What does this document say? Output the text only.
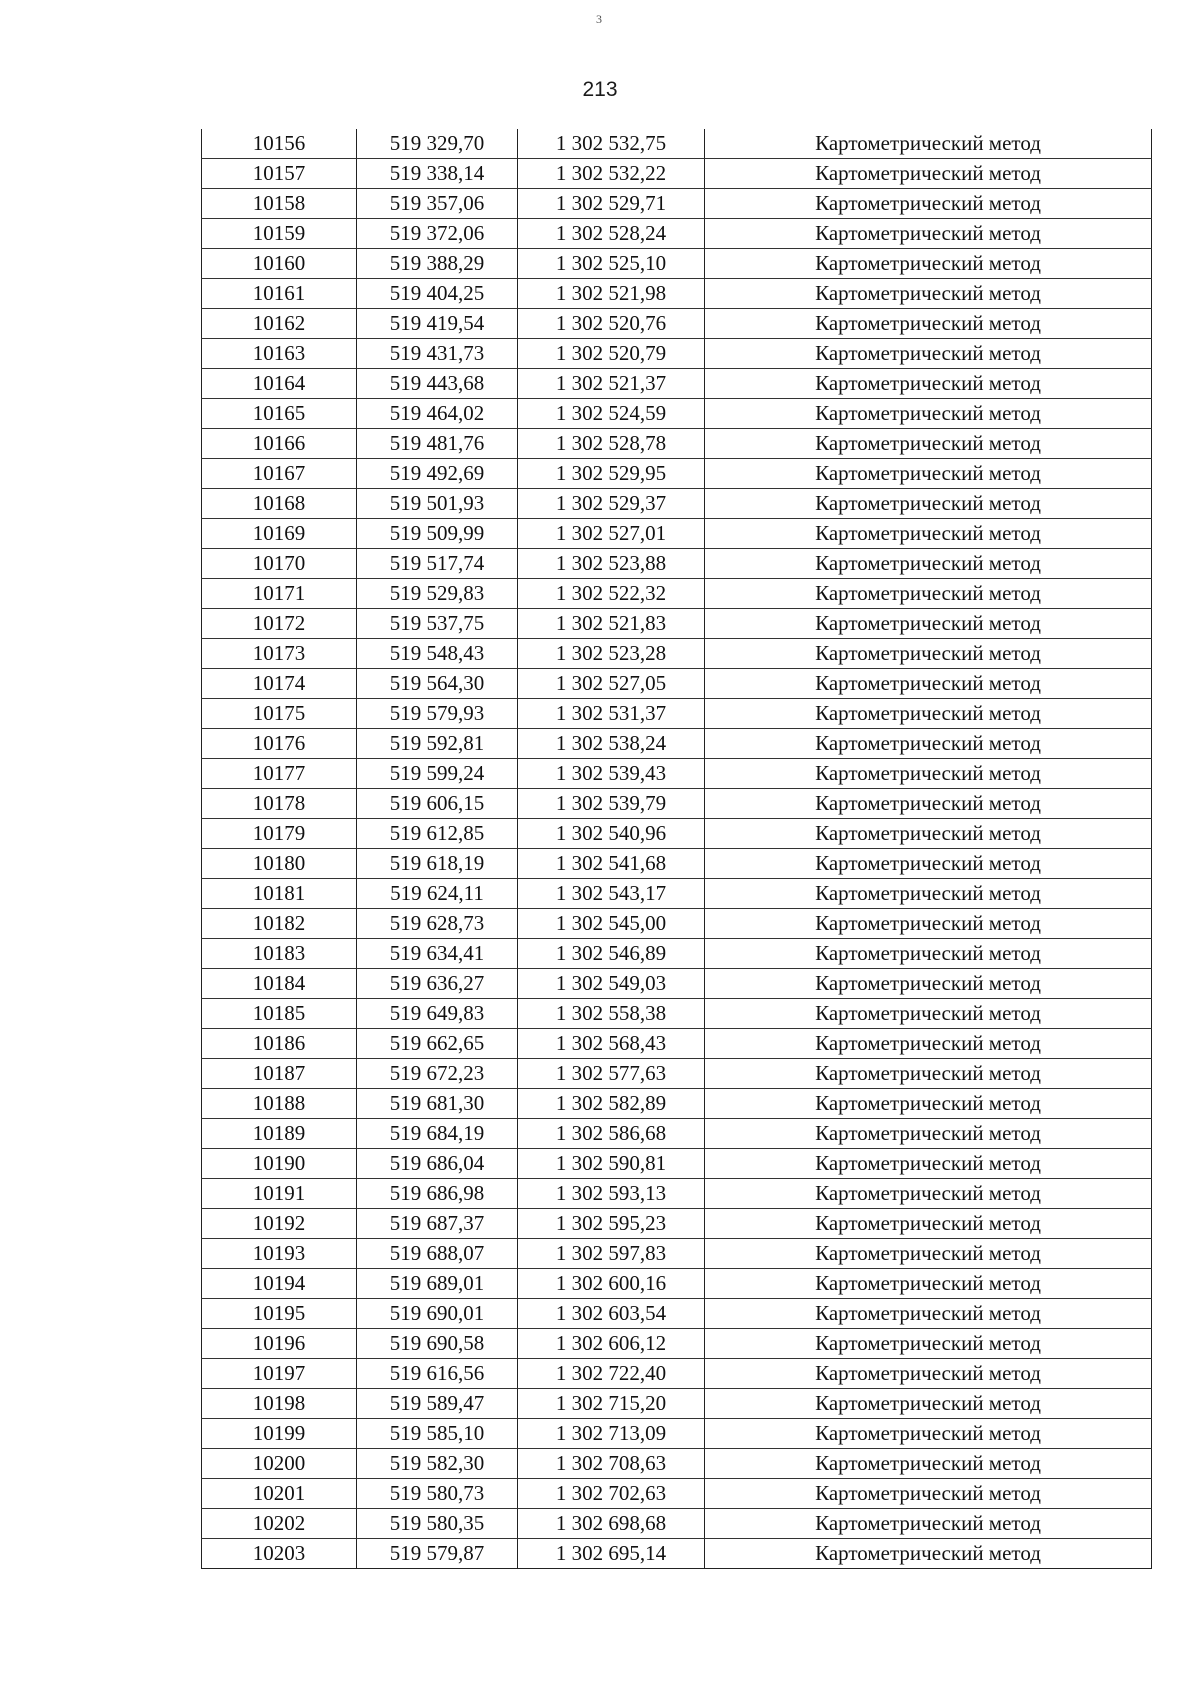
3
213
10156	519 329,70	1 302 532,75	Картометрический метод
10157	519 338,14	1 302 532,22	Картометрический метод
10158	519 357,06	1 302 529,71	Картометрический метод
10159	519 372,06	1 302 528,24	Картометрический метод
10160	519 388,29	1 302 525,10	Картометрический метод
10161	519 404,25	1 302 521,98	Картометрический метод
10162	519 419,54	1 302 520,76	Картометрический метод
10163	519 431,73	1 302 520,79	Картометрический метод
10164	519 443,68	1 302 521,37	Картометрический метод
10165	519 464,02	1 302 524,59	Картометрический метод
10166	519 481,76	1 302 528,78	Картометрический метод
10167	519 492,69	1 302 529,95	Картометрический метод
10168	519 501,93	1 302 529,37	Картометрический метод
10169	519 509,99	1 302 527,01	Картометрический метод
10170	519 517,74	1 302 523,88	Картометрический метод
10171	519 529,83	1 302 522,32	Картометрический метод
10172	519 537,75	1 302 521,83	Картометрический метод
10173	519 548,43	1 302 523,28	Картометрический метод
10174	519 564,30	1 302 527,05	Картометрический метод
10175	519 579,93	1 302 531,37	Картометрический метод
10176	519 592,81	1 302 538,24	Картометрический метод
10177	519 599,24	1 302 539,43	Картометрический метод
10178	519 606,15	1 302 539,79	Картометрический метод
10179	519 612,85	1 302 540,96	Картометрический метод
10180	519 618,19	1 302 541,68	Картометрический метод
10181	519 624,11	1 302 543,17	Картометрический метод
10182	519 628,73	1 302 545,00	Картометрический метод
10183	519 634,41	1 302 546,89	Картометрический метод
10184	519 636,27	1 302 549,03	Картометрический метод
10185	519 649,83	1 302 558,38	Картометрический метод
10186	519 662,65	1 302 568,43	Картометрический метод
10187	519 672,23	1 302 577,63	Картометрический метод
10188	519 681,30	1 302 582,89	Картометрический метод
10189	519 684,19	1 302 586,68	Картометрический метод
10190	519 686,04	1 302 590,81	Картометрический метод
10191	519 686,98	1 302 593,13	Картометрический метод
10192	519 687,37	1 302 595,23	Картометрический метод
10193	519 688,07	1 302 597,83	Картометрический метод
10194	519 689,01	1 302 600,16	Картометрический метод
10195	519 690,01	1 302 603,54	Картометрический метод
10196	519 690,58	1 302 606,12	Картометрический метод
10197	519 616,56	1 302 722,40	Картометрический метод
10198	519 589,47	1 302 715,20	Картометрический метод
10199	519 585,10	1 302 713,09	Картометрический метод
10200	519 582,30	1 302 708,63	Картометрический метод
10201	519 580,73	1 302 702,63	Картометрический метод
10202	519 580,35	1 302 698,68	Картометрический метод
10203	519 579,87	1 302 695,14	Картометрический метод
